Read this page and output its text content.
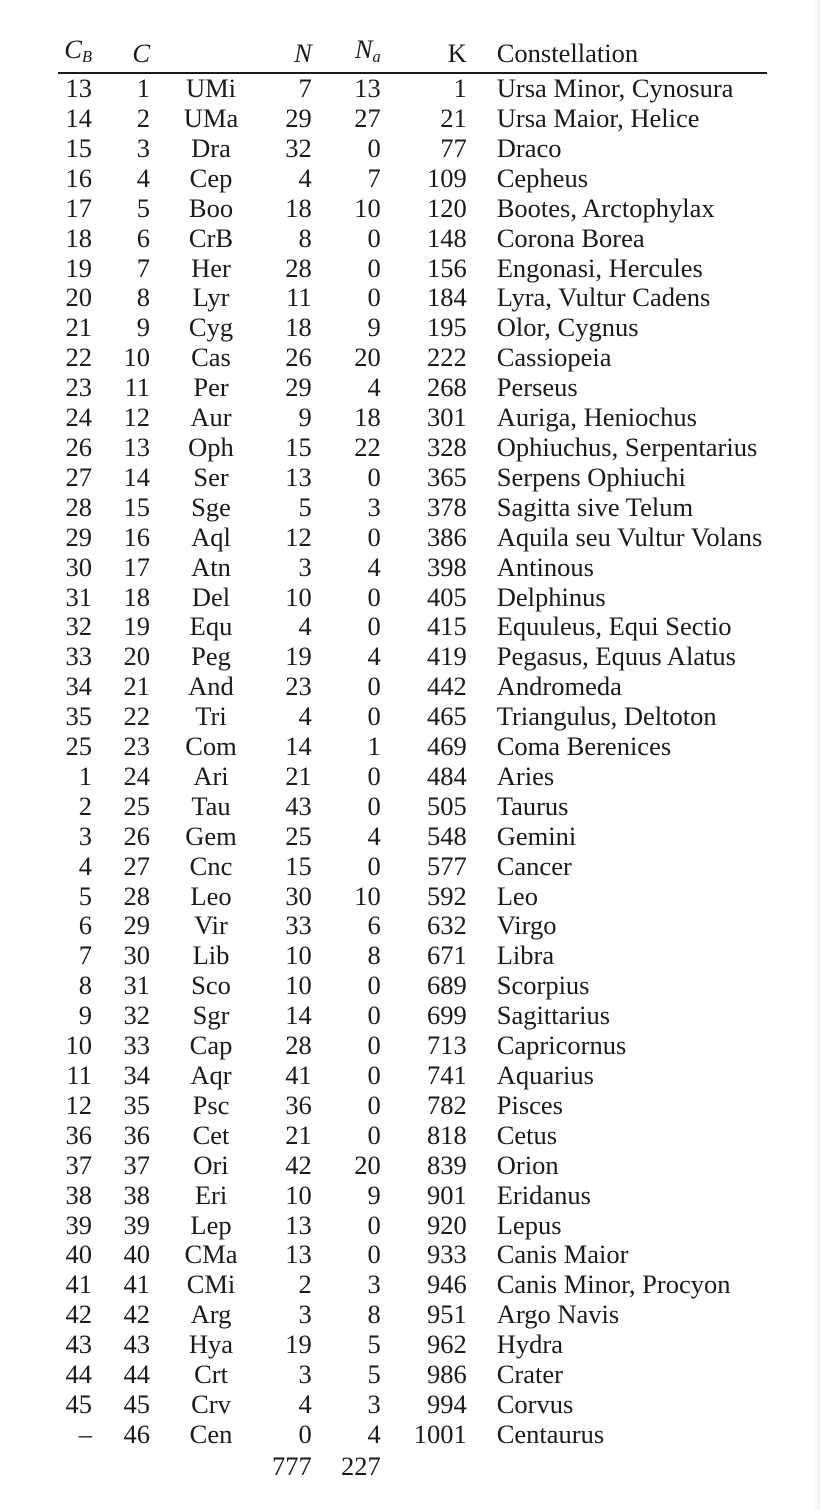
$C_B$	C		N	$N_a$	K	Constellation
13	1	UMi	7	13	1	Ursa Minor, Cynosura
14	2	UMa	29	27	21	Ursa Maior, Helice
15	3	Dra	32	0	77	Draco
16	4	Cep	4	7	109	Cepheus
17	5	Boo	18	10	120	Bootes, Arctophylax
18	6	CrB	8	0	148	Corona Borea
19	7	Her	28	0	156	Engonasi, Hercules
20	8	Lyr	11	0	184	Lyra, Vultur Cadens
21	9	Cyg	18	9	195	Olor, Cygnus
22	10	Cas	26	20	222	Cassiopeia
23	11	Per	29	4	268	Perseus
24	12	Aur	9	18	301	Auriga, Heniochus
26	13	Oph	15	22	328	Ophiuchus, Serpentarius
27	14	Ser	13	0	365	Serpens Ophiuchi
28	15	Sge	5	3	378	Sagitta sive Telum
29	16	Aql	12	0	386	Aquila seu Vultur Volans
30	17	Atn	3	4	398	Antinous
31	18	Del	10	0	405	Delphinus
32	19	Equ	4	0	415	Equuleus, Equi Sectio
33	20	Peg	19	4	419	Pegasus, Equus Alatus
34	21	And	23	0	442	Andromeda
35	22	Tri	4	0	465	Triangulus, Deltoton
25	23	Com	14	1	469	Coma Berenices
1	24	Ari	21	0	484	Aries
2	25	Tau	43	0	505	Taurus
3	26	Gem	25	4	548	Gemini
4	27	Cnc	15	0	577	Cancer
5	28	Leo	30	10	592	Leo
6	29	Vir	33	6	632	Virgo
7	30	Lib	10	8	671	Libra
8	31	Sco	10	0	689	Scorpius
9	32	Sgr	14	0	699	Sagittarius
10	33	Cap	28	0	713	Capricornus
11	34	Aqr	41	0	741	Aquarius
12	35	Psc	36	0	782	Pisces
36	36	Cet	21	0	818	Cetus
37	37	Ori	42	20	839	Orion
38	38	Eri	10	9	901	Eridanus
39	39	Lep	13	0	920	Lepus
40	40	CMa	13	0	933	Canis Maior
41	41	CMi	2	3	946	Canis Minor, Procyon
42	42	Arg	3	8	951	Argo Navis
43	43	Hya	19	5	962	Hydra
44	44	Crt	3	5	986	Crater
45	45	Crv	4	3	994	Corvus
–	46	Cen	0	4	1001	Centaurus
			777	227		
